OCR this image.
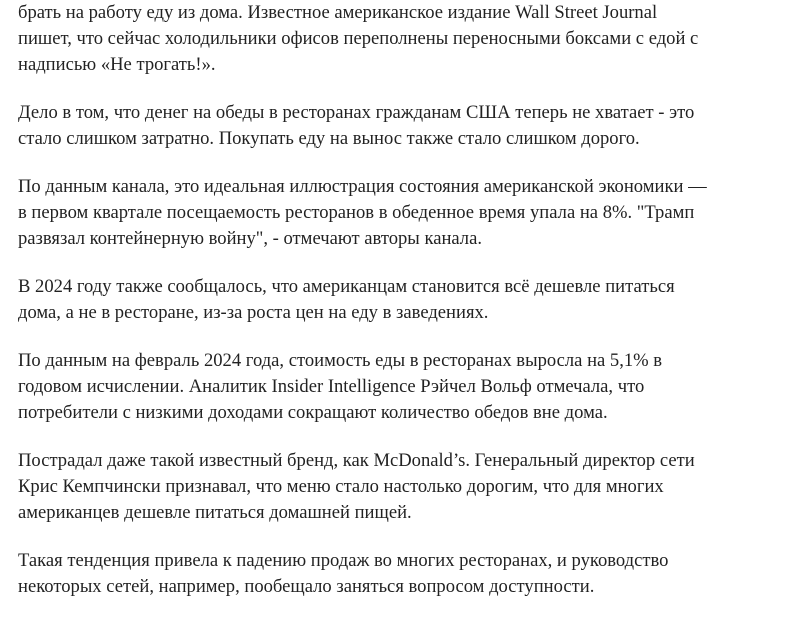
брать на работу еду из дома. Известное американское издание Wall Street Journal
пишет, что сейчас холодильники офисов переполнены переносными боксами с едой с
надписью «Не трогать!».

Дело в том, что денег на обеды в ресторанах гражданам США теперь не хватает - это
стало слишком затратно. Покупать еду на вынос также стало слишком дорого.

По данным канала, это идеальная иллюстрация состояния американской экономики —
в первом квартале посещаемость ресторанов в обеденное время упала на 8%. "Трамп
развязал контейнерную войну", - отмечают авторы канала.

В 2024 году также сообщалось, что американцам становится всё дешевле питаться
дома, а не в ресторане, из-за роста цен на еду в заведениях.

По данным на февраль 2024 года, стоимость еды в ресторанах выросла на 5,1% в
годовом исчислении. Аналитик Insider Intelligence Рэйчел Вольф отмечала, что
потребители с низкими доходами сокращают количество обедов вне дома.

Пострадал даже такой известный бренд, как McDonald’s. Генеральный директор сети
Крис Кемпчински признавал, что меню стало настолько дорогим, что для многих
американцев дешевле питаться домашней пищей.

Такая тенденция привела к падению продаж во многих ресторанах, и руководство
некоторых сетей, например, пообещало заняться вопросом доступности.
